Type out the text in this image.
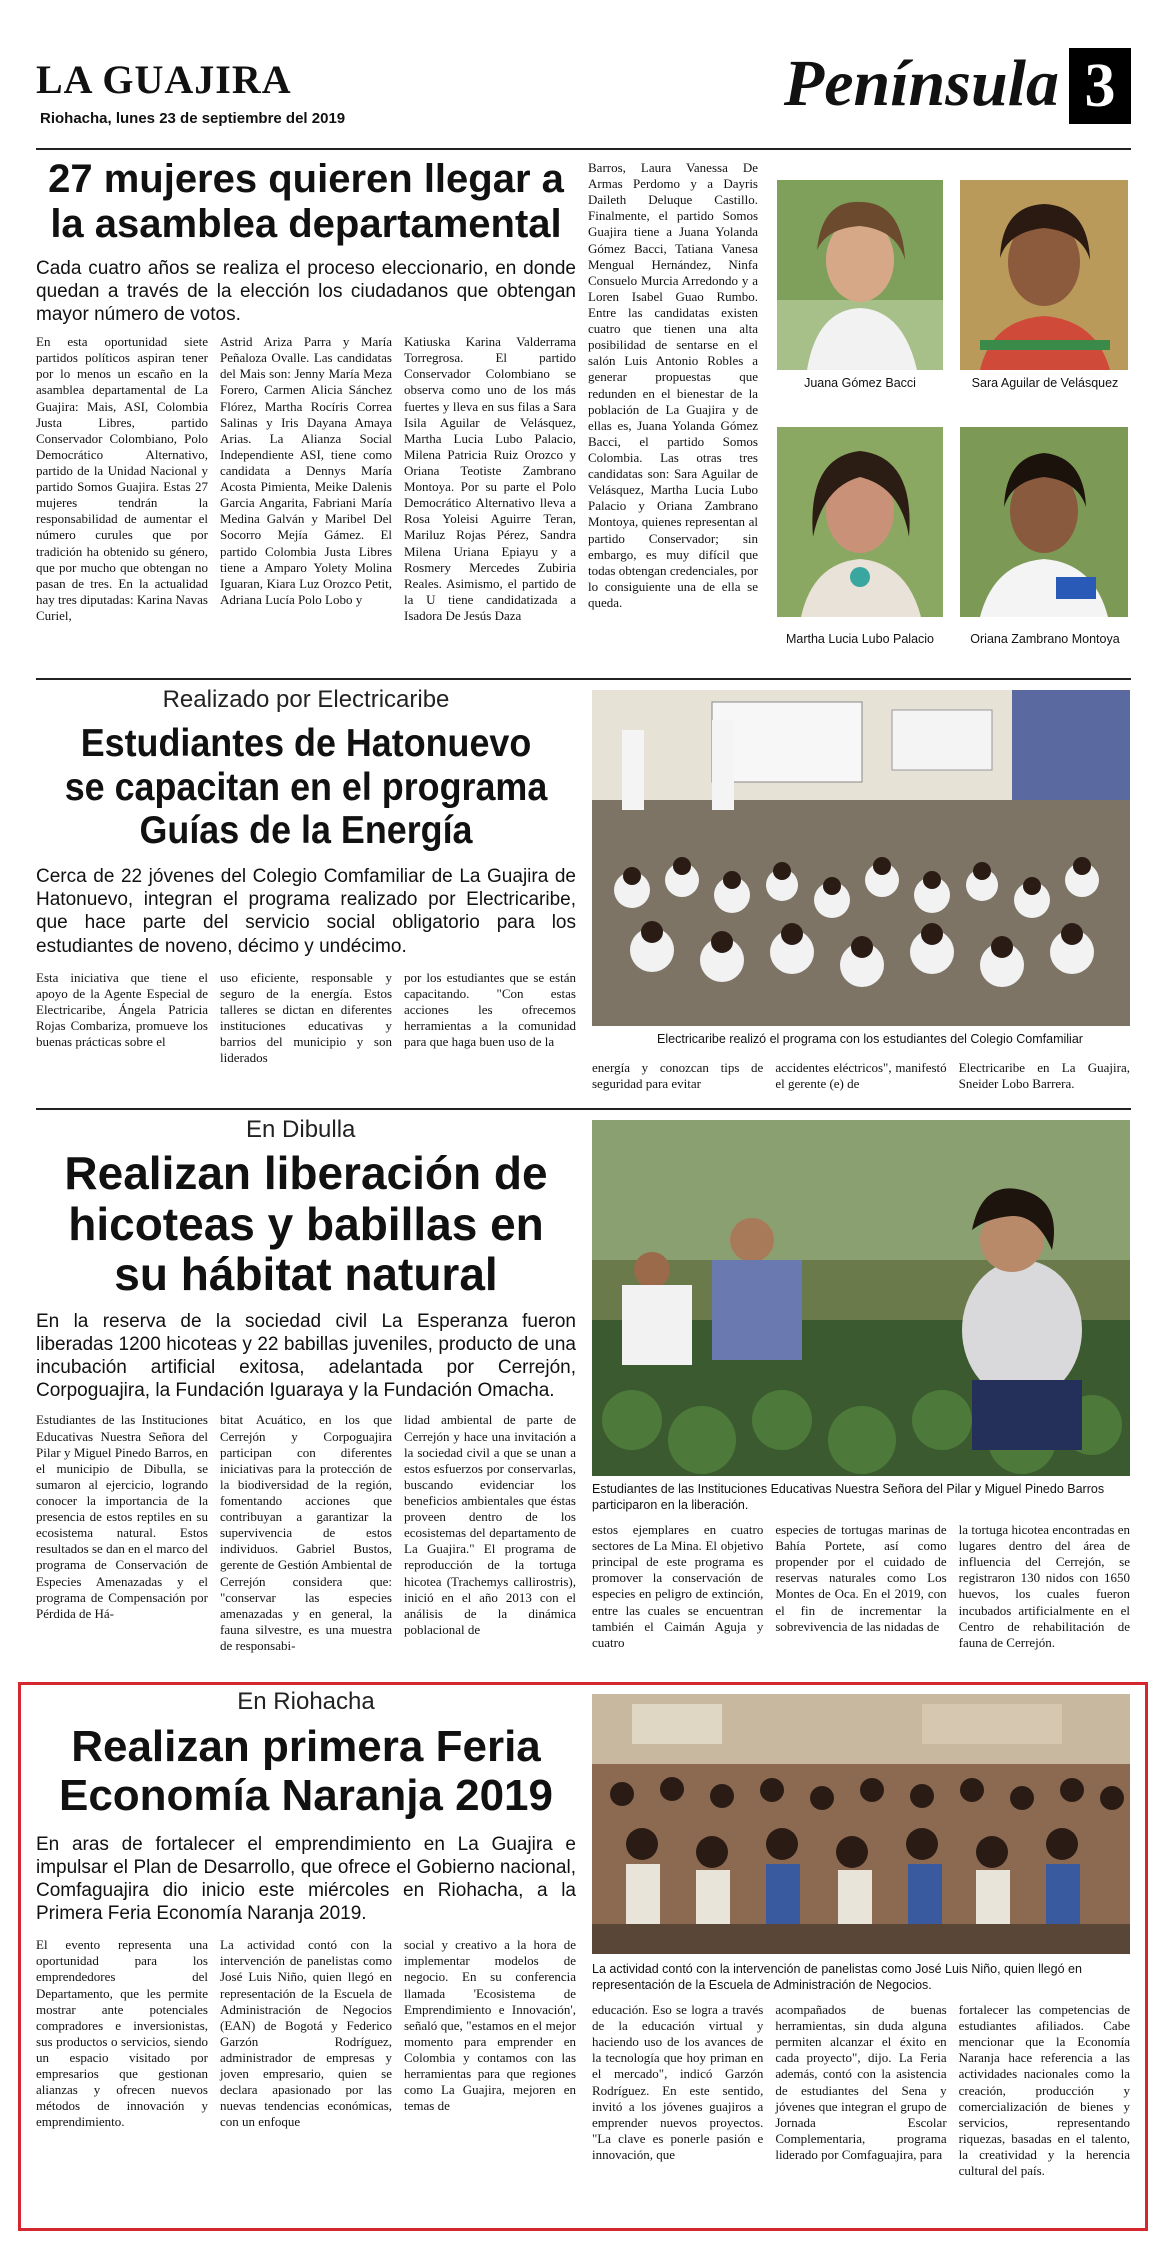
LA GUAJIRA
Riohacha, lunes 23 de septiembre del 2019	Península 3
27 mujeres quieren llegar a la asamblea departamental
Cada cuatro años se realiza el proceso eleccionario, en donde quedan a través de la elección los ciudadanos que obtengan mayor número de votos.
En esta oportunidad siete partidos políticos aspiran tener por lo menos un escaño en la asamblea departamental de La Guajira: Mais, ASI, Colombia Justa Libres, partido Conservador Colombiano, Polo Democrático Alternativo, partido de la Unidad Nacional y partido Somos Guajira. Estas 27 mujeres tendrán la responsabilidad de aumentar el número curules que por tradición ha obtenido su género, que por mucho que obtengan no pasan de tres. En la actualidad hay tres diputadas: Karina Navas Curiel,
Astrid Ariza Parra y María Peñaloza Ovalle. Las candidatas del Mais son: Jenny María Meza Forero, Carmen Alicia Sánchez Flórez, Martha Rocíris Correa Salinas y Iris Dayana Amaya Arias. La Alianza Social Independiente ASI, tiene como candidata a Dennys María Acosta Pimienta, Meike Dalenis Garcia Angarita, Fabriani María Medina Galván y Maribel Del Socorro Mejía Gámez. El partido Colombia Justa Libres tiene a Amparo Yolety Molina Iguaran, Kiara Luz Orozco Petit, Adriana Lucía Polo Lobo y
Katiuska Karina Valderrama Torregrosa. El partido Conservador Colombiano se observa como uno de los más fuertes y lleva en sus filas a Sara Isila Aguilar de Velásquez, Martha Lucia Lubo Palacio, Milena Patricia Ruiz Orozco y Oriana Teotiste Zambrano Montoya. Por su parte el Polo Democrático Alternativo lleva a Rosa Yoleisi Aguirre Teran, Mariluz Rojas Pérez, Sandra Milena Uriana Epiayu y a Rosmery Mercedes Zubiria Reales. Asimismo, el partido de la U tiene candidatizada a Isadora De Jesús Daza
Barros, Laura Vanessa De Armas Perdomo y a Dayris Daileth Deluque Castillo. Finalmente, el partido Somos Guajira tiene a Juana Yolanda Gómez Bacci, Tatiana Vanesa Mengual Hernández, Ninfa Consuelo Murcia Arredondo y a Loren Isabel Guao Rumbo. Entre las candidatas existen cuatro que tienen una alta posibilidad de sentarse en el salón Luis Antonio Robles a generar propuestas que redunden en el bienestar de la población de La Guajira y de ellas es, Juana Yolanda Gómez Bacci, el partido Somos Colombia. Las otras tres candidatas son: Sara Aguilar de Velásquez, Martha Lucia Lubo Palacio y Oriana Zambrano Montoya, quienes representan al partido Conservador; sin embargo, es muy difícil que todas obtengan credenciales, por lo consiguiente una de ella se queda.
Juana Gómez Bacci	Sara Aguilar de Velásquez
Martha Lucia Lubo Palacio	Oriana Zambrano Montoya
Realizado por Electricaribe
Estudiantes de Hatonuevo se capacitan en el programa Guías de la Energía
Cerca de 22 jóvenes del Colegio Comfamiliar de La Guajira de Hatonuevo, integran el programa realizado por Electricaribe, que hace parte del servicio social obligatorio para los estudiantes de noveno, décimo y undécimo.
Esta iniciativa que tiene el apoyo de la Agente Especial de Electricaribe, Ángela Patricia Rojas Combariza, promueve los buenas prácticas sobre el
uso eficiente, responsable y seguro de la energía. Estos talleres se dictan en diferentes instituciones educativas y barrios del municipio y son liderados
por los estudiantes que se están capacitando. "Con estas acciones les ofrecemos herramientas a la comunidad para que haga buen uso de la	Electricaribe realizó el programa con los estudiantes del Colegio Comfamiliar
energía y conozcan tips de seguridad para evitar
accidentes eléctricos", manifestó el gerente (e) de
Electricaribe en La Guajira, Sneider Lobo Barrera.
En Dibulla
Realizan liberación de hicoteas y babillas en su hábitat natural
En la reserva de la sociedad civil La Esperanza fueron liberadas 1200 hicoteas y 22 babillas juveniles, producto de una incubación artificial exitosa, adelantada por Cerrejón, Corpoguajira, la Fundación Iguaraya y la Fundación Omacha.
Estudiantes de las Instituciones Educativas Nuestra Señora del Pilar y Miguel Pinedo Barros, en el municipio de Dibulla, se sumaron al ejercicio, logrando conocer la importancia de la presencia de estos reptiles en su ecosistema natural. Estos resultados se dan en el marco del programa de Conservación de Especies Amenazadas y el programa de Compensación por Pérdida de Há-
bitat Acuático, en los que Cerrejón y Corpoguajira participan con diferentes iniciativas para la protección de la biodiversidad de la región, fomentando acciones que contribuyan a garantizar la supervivencia de estos individuos. Gabriel Bustos, gerente de Gestión Ambiental de Cerrejón considera que: "conservar las especies amenazadas y en general, la fauna silvestre, es una muestra de responsabi-
lidad ambiental de parte de Cerrejón y hace una invitación a la sociedad civil a que se unan a estos esfuerzos por conservarlas, buscando evidenciar los beneficios ambientales que éstas proveen dentro de los ecosistemas del departamento de La Guajira." El programa de reproducción de la tortuga hicotea (Trachemys callirostris), inició en el año 2013 con el análisis de la dinámica poblacional de
Estudiantes de las Instituciones Educativas Nuestra Señora del Pilar y Miguel Pinedo Barros participaron en la liberación.
estos ejemplares en cuatro sectores de La Mina. El objetivo principal de este programa es promover la conservación de especies en peligro de extinción, entre las cuales se encuentran también el Caimán Aguja y cuatro
especies de tortugas marinas de Bahía Portete, así como propender por el cuidado de reservas naturales como Los Montes de Oca. En el 2019, con el fin de incrementar la sobrevivencia de las nidadas de
la tortuga hicotea encontradas en lugares dentro del área de influencia del Cerrejón, se registraron 130 nidos con 1650 huevos, los cuales fueron incubados artificialmente en el Centro de rehabilitación de fauna de Cerrejón.
En Riohacha
Realizan primera Feria Economía Naranja 2019
En aras de fortalecer el emprendimiento en La Guajira e impulsar el Plan de Desarrollo, que ofrece el Gobierno nacional, Comfaguajira dio inicio este miércoles en Riohacha, a la Primera Feria Economía Naranja 2019.
El evento representa una oportunidad para los emprendedores del Departamento, que les permite mostrar ante potenciales compradores e inversionistas, sus productos o servicios, siendo un espacio visitado por empresarios que gestionan alianzas y ofrecen nuevos métodos de innovación y emprendimiento.
La actividad contó con la intervención de panelistas como José Luis Niño, quien llegó en representación de la Escuela de Administración de Negocios (EAN) de Bogotá y Federico Garzón Rodríguez, administrador de empresas y joven empresario, quien se declara apasionado por las nuevas tendencias económicas, con un enfoque
social y creativo a la hora de implementar modelos de negocio. En su conferencia llamada 'Ecosistema de Emprendimiento e Innovación', señaló que, "estamos en el mejor momento para emprender en Colombia y contamos con las herramientas para que regiones como La Guajira, mejoren en temas de
La actividad contó con la intervención de panelistas como José Luis Niño, quien llegó en representación de la Escuela de Administración de Negocios.
educación. Eso se logra a través de la educación virtual y haciendo uso de los avances de la tecnología que hoy priman en el mercado", indicó Garzón Rodríguez. En este sentido, invitó a los jóvenes guajiros a emprender nuevos proyectos. "La clave es ponerle pasión e innovación, que
acompañados de buenas herramientas, sin duda alguna permiten alcanzar el éxito en cada proyecto", dijo. La Feria además, contó con la asistencia de estudiantes del Sena y jóvenes que integran el grupo de Jornada Escolar Complementaria, programa liderado por Comfaguajira, para
fortalecer las competencias de estudiantes afiliados. Cabe mencionar que la Economía Naranja hace referencia a las actividades nacionales como la creación, producción y comercialización de bienes y servicios, representando riquezas, basadas en el talento, la creatividad y la herencia cultural del país.
